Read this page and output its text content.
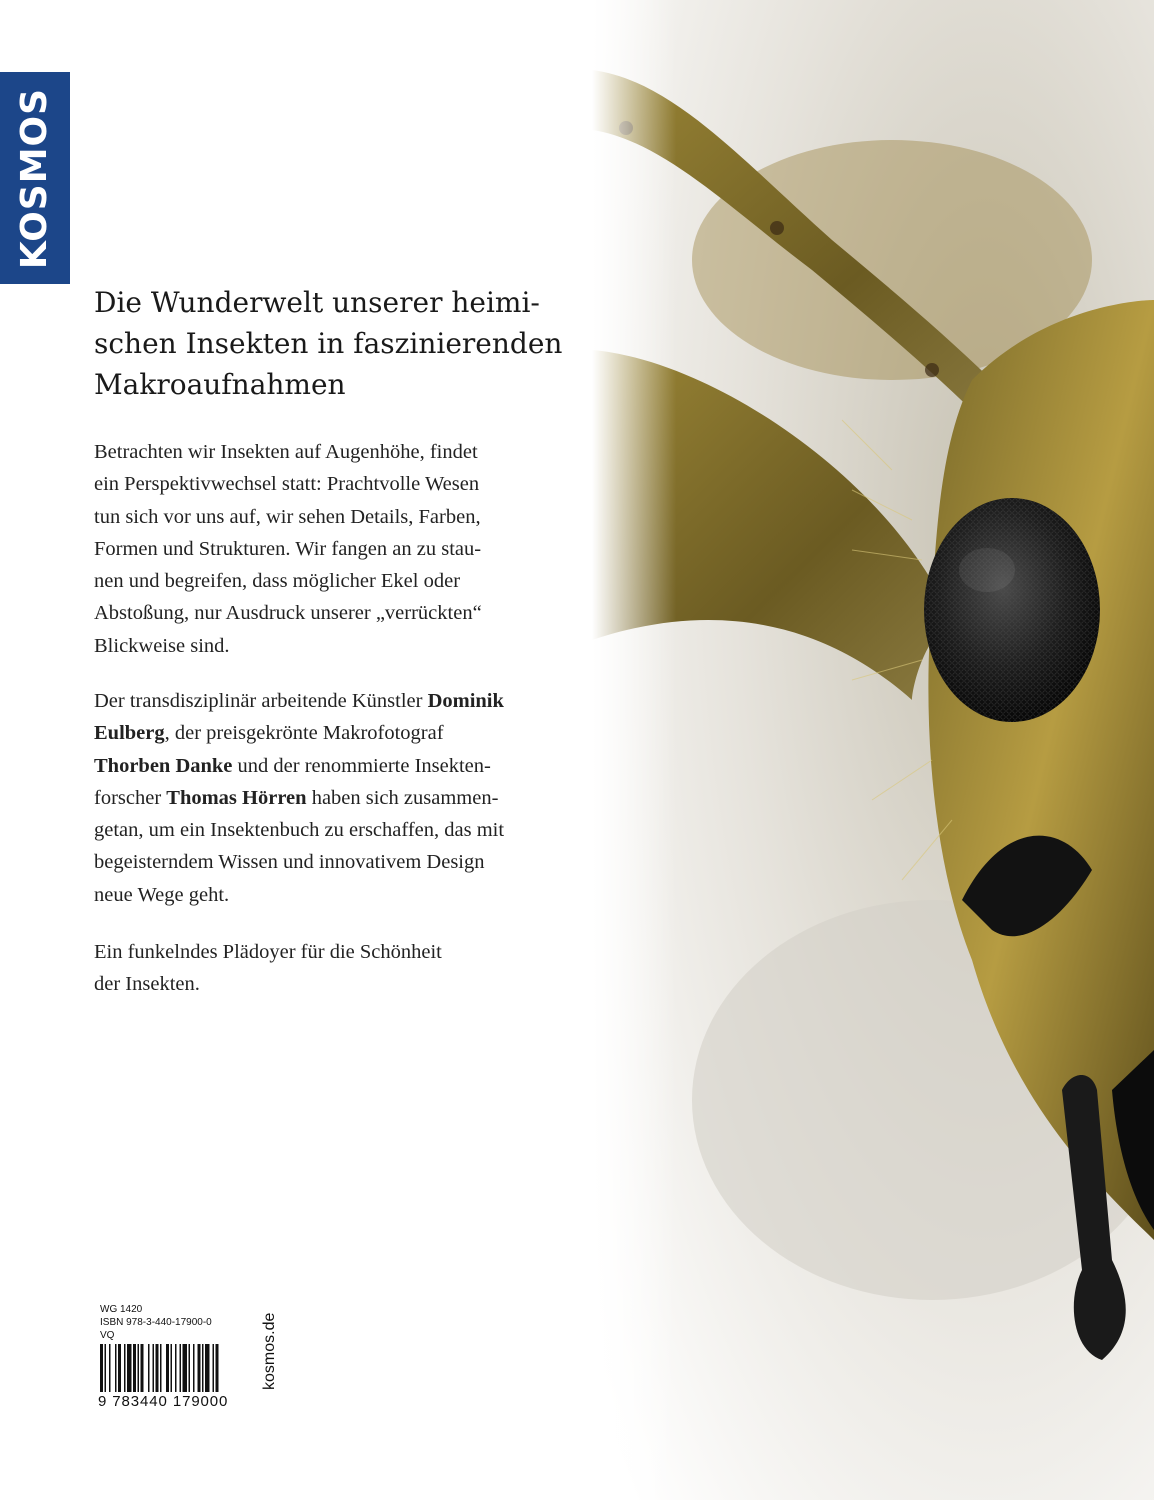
KOSMOS
Die Wunderwelt unserer heimi-
schen Insekten in faszinierenden
Makroaufnahmen

Betrachten wir Insekten auf Augenhöhe, findet
ein Perspektivwechsel statt: Prachtvolle Wesen
tun sich vor uns auf, wir sehen Details, Farben,
Formen und Strukturen. Wir fangen an zu stau-
nen und begreifen, dass möglicher Ekel oder
Abstoßung, nur Ausdruck unserer „verrückten“
Blickweise sind.

Der transdisziplinär arbeitende Künstler Dominik
Eulberg, der preisgekrönte Makrofotograf
Thorben Danke und der renommierte Insekten-
forscher Thomas Hörren haben sich zusammen-
getan, um ein Insektenbuch zu erschaffen, das mit
begeisterndem Wissen und innovativem Design
neue Wege geht.

Ein funkelndes Plädoyer für die Schönheit
der Insekten.

WG 1420
ISBN 978-3-440-17900-0
VQ
9 783440 179000
kosmos.de
